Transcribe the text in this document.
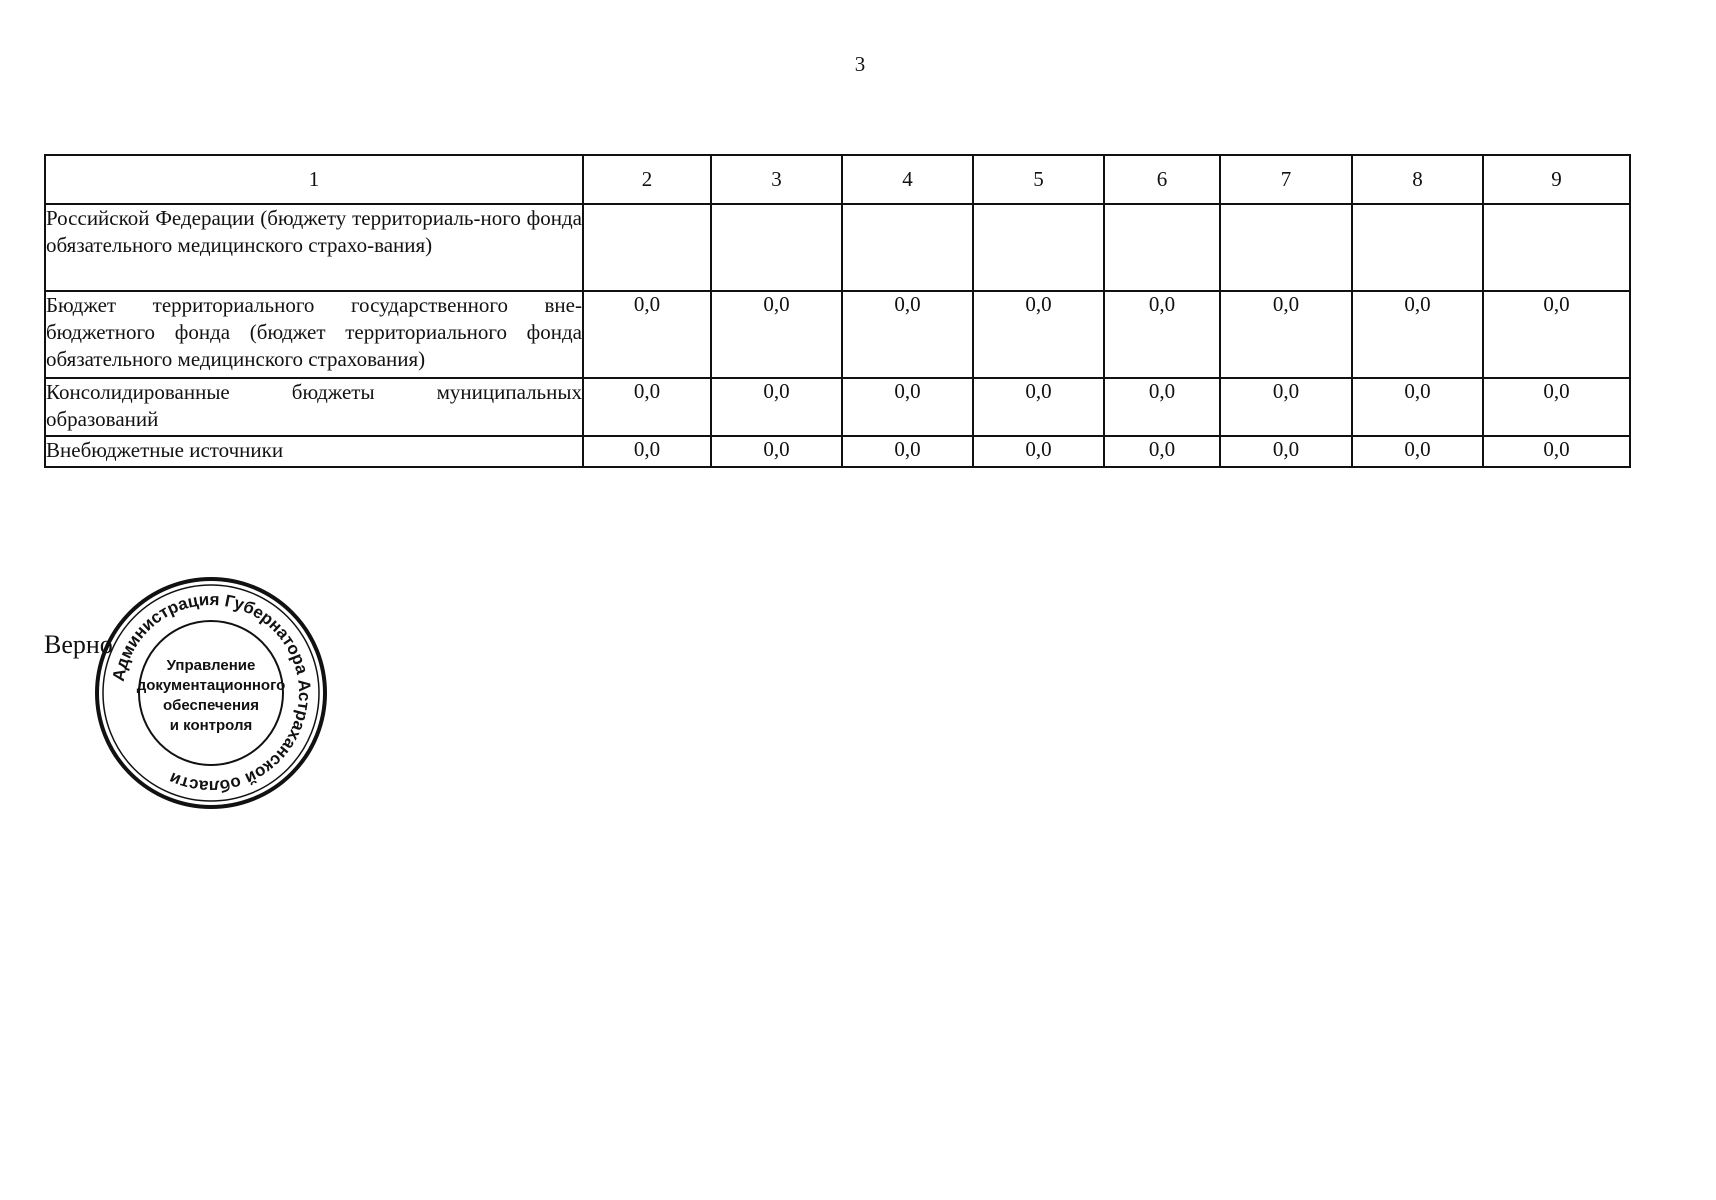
3
1	2	3	4	5	6	7	8	9
Российской Федерации (бюджету территориаль-ного фонда обязательного медицинского страхо-вания)								
Бюджет территориального государственного вне-бюджетного фонда (бюджет территориального фонда обязательного медицинского страхования)	0,0	0,0	0,0	0,0	0,0	0,0	0,0	0,0
Консолидированные бюджеты муниципальных образований	0,0	0,0	0,0	0,0	0,0	0,0	0,0	0,0
Внебюджетные источники	0,0	0,0	0,0	0,0	0,0	0,0	0,0	0,0
Верно
Администрация Губернатора Астраханской области
Управление
документационного
обеспечения
и контроля
